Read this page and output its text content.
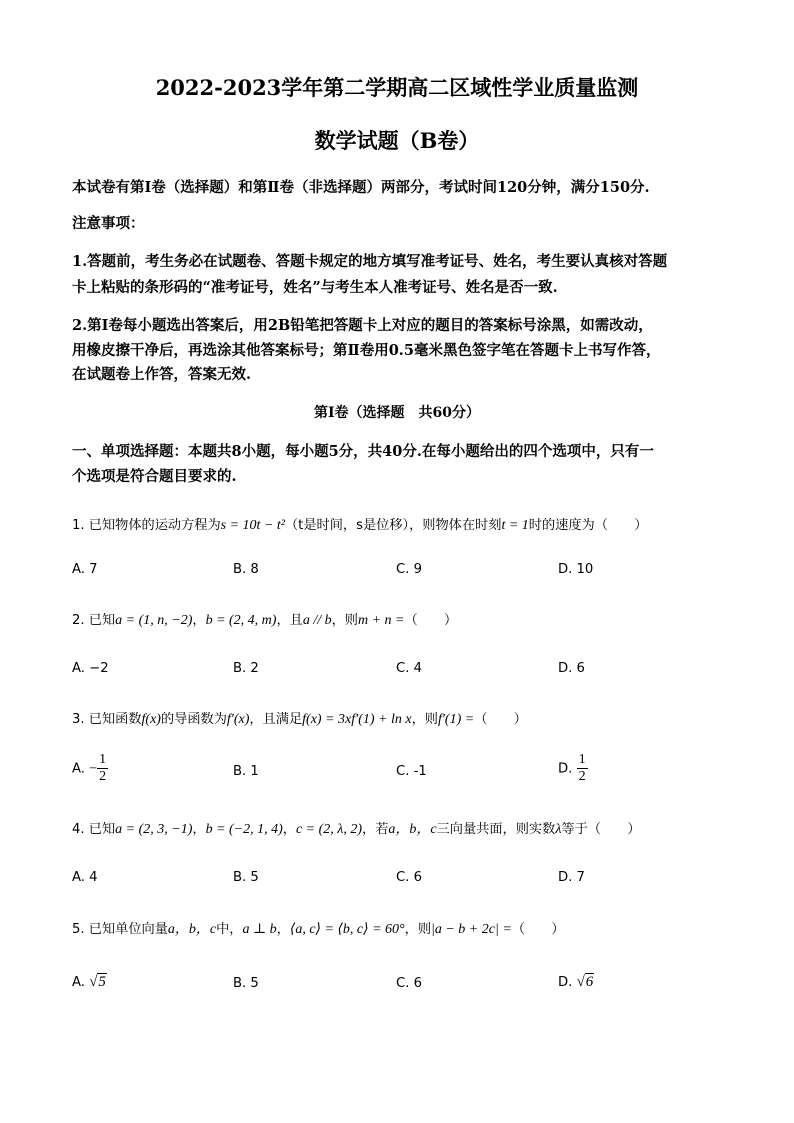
2022-2023学年第二学期高二区域性学业质量监测
数学试题（B卷）
本试卷有第Ⅰ卷（选择题）和第Ⅱ卷（非选择题）两部分，考试时间120分钟，满分150分.
注意事项：
1.答题前，考生务必在试题卷、答题卡规定的地方填写准考证号、姓名，考生要认真核对答题
卡上粘贴的条形码的“准考证号，姓名”与考生本人准考证号、姓名是否一致.
2.第Ⅰ卷每小题选出答案后，用2B铅笔把答题卡上对应的题目的答案标号涂黑，如需改动，
用橡皮擦干净后，再选涂其他答案标号；第Ⅱ卷用0.5毫米黑色签字笔在答题卡上书写作答，
在试题卷上作答，答案无效.
第Ⅰ卷（选择题　共60分）
一、单项选择题：本题共8小题，每小题5分，共40分.在每小题给出的四个选项中，只有一
个选项是符合题目要求的.
1. 已知物体的运动方程为s = 10t − t²（t是时间，s是位移），则物体在时刻t = 1时的速度为（　　）
A. 7	B. 8	C. 9	D. 10
2. 已知a = (1, n, −2)，b = (2, 4, m)，且a // b，则m + n =（　　）
A. −2	B. 2	C. 4	D. 6
3. 已知函数f(x)的导函数为f′(x)，且满足f(x) = 3xf′(1) + ln x，则f′(1) =（　　）
A. − $\frac{1}{2}$	B. 1	C. -1	D. $\frac{1}{2}$
4. 已知a = (2, 3, −1)，b = (−2, 1, 4)，c = (2, λ, 2)，若a，b，c三向量共面，则实数λ等于（　　）
A. 4	B. 5	C. 6	D. 7
5. 已知单位向量a，b，c中，a ⊥ b，⟨a, c⟩ = ⟨b, c⟩ = 60°，则|a − b + 2c| =（　　）
A. √5	B. 5	C. 6	D. √6
